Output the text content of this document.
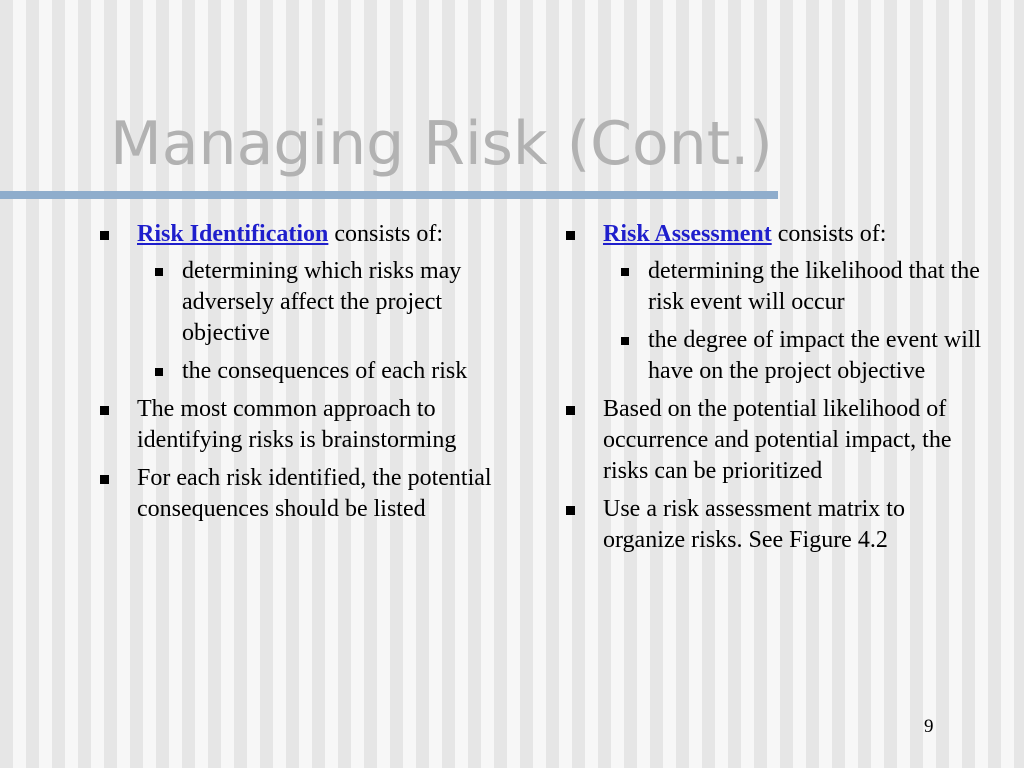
Managing Risk (Cont.)
Risk Identification consists of:
determining which risks may adversely affect the project objective
the consequences of each risk
The most common approach to identifying risks is brainstorming
For each risk identified, the potential consequences should be listed
Risk Assessment consists of:
determining the likelihood that the risk event will occur
the degree of impact the event will have on the project objective
Based on the potential likelihood of occurrence and potential impact, the risks can be prioritized
Use a risk assessment matrix to organize risks. See Figure 4.2
9
